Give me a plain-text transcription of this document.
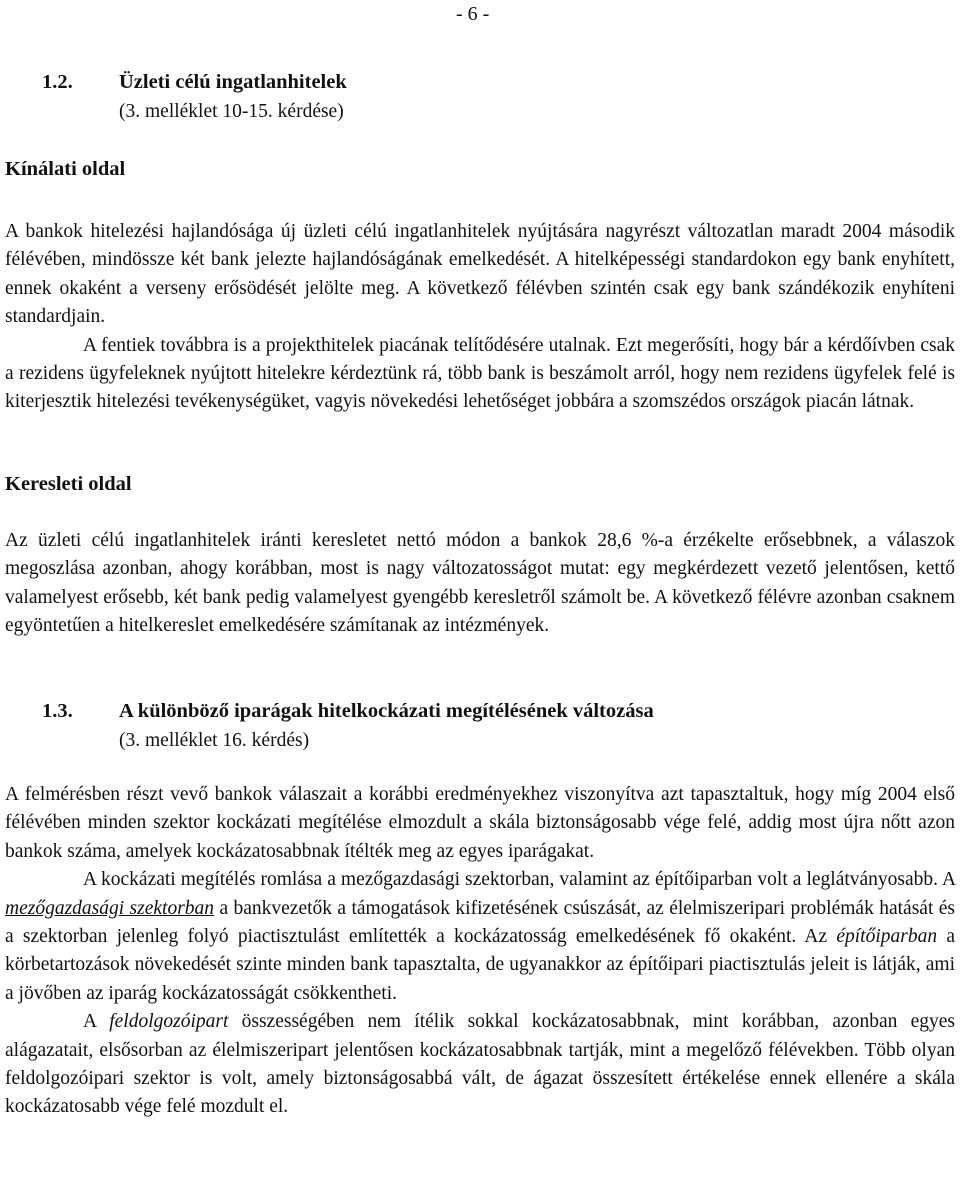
- 6 -
1.2. Üzleti célú ingatlanhitelek
(3. melléklet 10-15. kérdése)
Kínálati oldal

A bankok hitelezési hajlandósága új üzleti célú ingatlanhitelek nyújtására nagyrészt változatlan maradt 2004 második félévében, mindössze két bank jelezte hajlandóságának emelkedését. A hitelképességi standardokon egy bank enyhített, ennek okaként a verseny erősödését jelölte meg. A következő félévben szintén csak egy bank szándékozik enyhíteni standardjain.

A fentiek továbbra is a projekthitelek piacának telítődésére utalnak. Ezt megerősíti, hogy bár a kérdőívben csak a rezidens ügyfeleknek nyújtott hitelekre kérdeztünk rá, több bank is beszámolt arról, hogy nem rezidens ügyfelek felé is kiterjesztik hitelezési tevékenységüket, vagyis növekedési lehetőséget jobbára a szomszédos országok piacán látnak.

Keresleti oldal

Az üzleti célú ingatlanhitelek iránti keresletet nettó módon a bankok 28,6 %-a érzékelte erősebbnek, a válaszok megoszlása azonban, ahogy korábban, most is nagy változatosságot mutat: egy megkérdezett vezető jelentősen, kettő valamelyest erősebb, két bank pedig valamelyest gyengébb keresletről számolt be. A következő félévre azonban csaknem egyöntetűen a hitelkereslet emelkedésére számítanak az intézmények.

1.3. A különböző iparágak hitelkockázati megítélésének változása
(3. melléklet 16. kérdés)

A felmérésben részt vevő bankok válaszait a korábbi eredményekhez viszonyítva azt tapasztaltuk, hogy míg 2004 első félévében minden szektor kockázati megítélése elmozdult a skála biztonságosabb vége felé, addig most újra nőtt azon bankok száma, amelyek kockázatosabbnak ítélték meg az egyes iparágakat.

A kockázati megítélés romlása a mezőgazdasági szektorban, valamint az építőiparban volt a leglátványosabb. A mezőgazdasági szektorban a bankvezetők a támogatások kifizetésének csúszását, az élelmiszeripari problémák hatását és a szektorban jelenleg folyó piactisztulást említették a kockázatosság emelkedésének fő okaként. Az építőiparban a körbetartozások növekedését szinte minden bank tapasztalta, de ugyanakkor az építőipari piactisztulás jeleit is látják, ami a jövőben az iparág kockázatosságát csökkentheti.

A feldolgozóipart összességében nem ítélik sokkal kockázatosabbnak, mint korábban, azonban egyes alágazatait, elsősorban az élelmiszeripart jelentősen kockázatosabbnak tartják, mint a megelőző félévekben. Több olyan feldolgozóipari szektor is volt, amely biztonságosabbá vált, de ágazat összesített értékelése ennek ellenére a skála kockázatosabb vége felé mozdult el.
